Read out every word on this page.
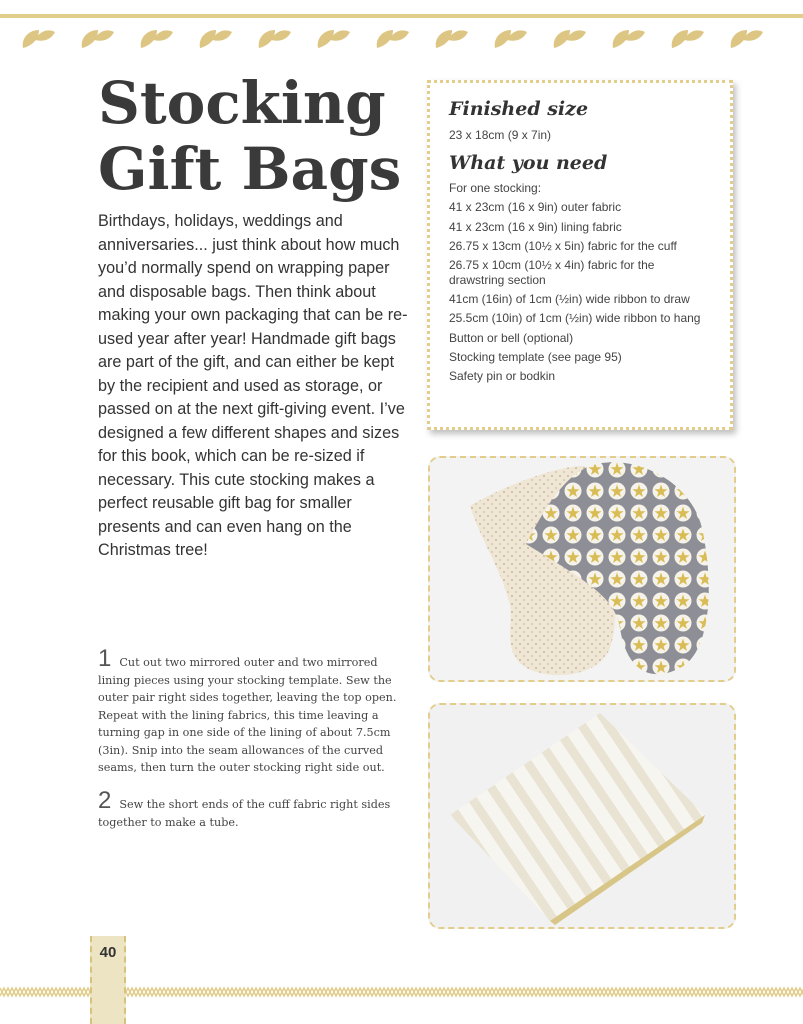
Stocking
Gift Bags

Birthdays, holidays, weddings and anniversaries... just think about how much you’d normally spend on wrapping paper and disposable bags. Then think about making your own packaging that can be re-used year after year! Handmade gift bags are part of the gift, and can either be kept by the recipient and used as storage, or passed on at the next gift-giving event. I’ve designed a few different shapes and sizes for this book, which can be re-sized if necessary. This cute stocking makes a perfect reusable gift bag for smaller presents and can even hang on the Christmas tree!

Finished size

23 x 18cm (9 x 7in)

What you need
For one stocking:
41 x 23cm (16 x 9in) outer fabric
41 x 23cm (16 x 9in) lining fabric
26.75 x 13cm (10½ x 5in) fabric for the cuff
26.75 x 10cm (10½ x 4in) fabric for the drawstring section
41cm (16in) of 1cm (½in) wide ribbon to draw
25.5cm (10in) of 1cm (½in) wide ribbon to hang
Button or bell (optional)
Stocking template (see page 95)
Safety pin or bodkin

1 Cut out two mirrored outer and two mirrored lining pieces using your stocking template. Sew the outer pair right sides together, leaving the top open. Repeat with the lining fabrics, this time leaving a turning gap in one side of the lining of about 7.5cm (3in). Snip into the seam allowances of the curved seams, then turn the outer stocking right side out.

2 Sew the short ends of the cuff fabric right sides together to make a tube.

40
